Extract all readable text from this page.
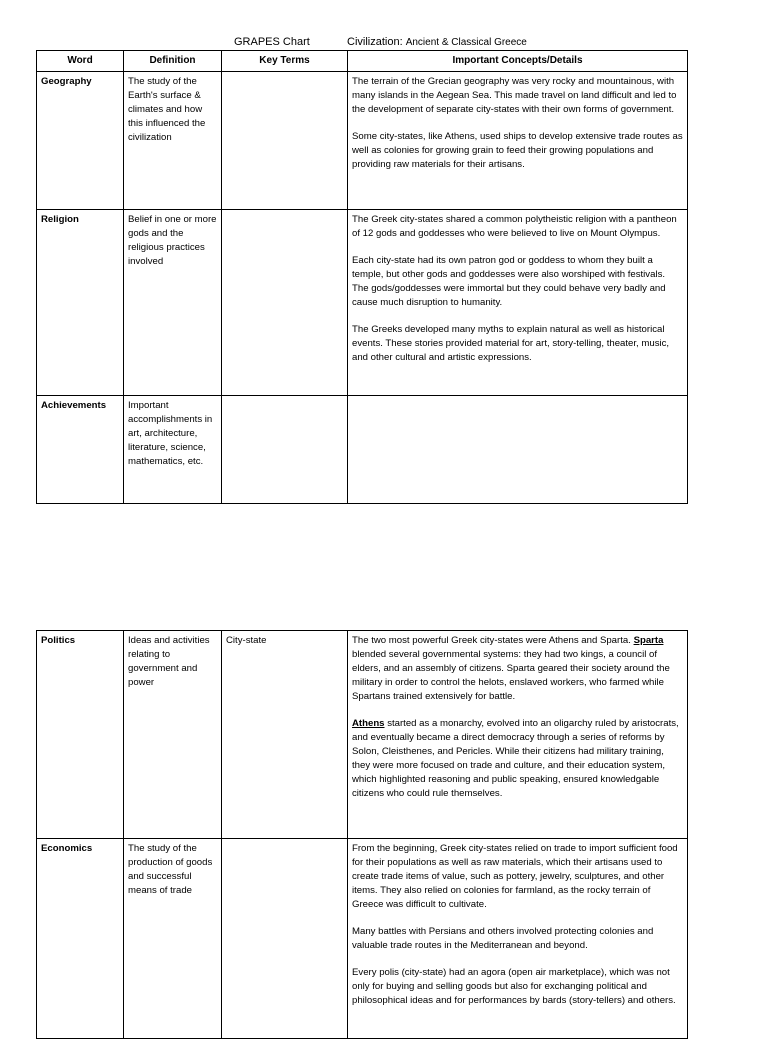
GRAPES Chart	Civilization: Ancient & Classical Greece
Word	Definition	Key Terms	Important Concepts/Details
Geography	The study of the Earth's surface & climates and how this influenced the civilization		The terrain of the Grecian geography was very rocky and mountainous, with many islands in the Aegean Sea. This made travel on land difficult and led to the development of separate city-states with their own forms of government.

Some city-states, like Athens, used ships to develop extensive trade routes as well as colonies for growing grain to feed their growing populations and providing raw materials for their artisans.

Religion	Belief in one or more gods and the religious practices involved		The Greek city-states shared a common polytheistic religion with a pantheon of 12 gods and goddesses who were believed to live on Mount Olympus.

Each city-state had its own patron god or goddess to whom they built a temple, but other gods and goddesses were also worshiped with festivals. The gods/goddesses were immortal but they could behave very badly and cause much disruption to humanity.

The Greeks developed many myths to explain natural as well as historical events. These stories provided material for art, story-telling, theater, music, and other cultural and artistic expressions.

Achievements	Important accomplishments in art, architecture, literature, science, mathematics, etc.		
Politics	Ideas and activities relating to government and power	City-state	The two most powerful Greek city-states were Athens and Sparta. Sparta blended several governmental systems: they had two kings, a council of elders, and an assembly of citizens. Sparta geared their society around the military in order to control the helots, enslaved workers, who farmed while Spartans trained extensively for battle.

Athens started as a monarchy, evolved into an oligarchy ruled by aristocrats, and eventually became a direct democracy through a series of reforms by Solon, Cleisthenes, and Pericles. While their citizens had military training, they were more focused on trade and culture, and their education system, which highlighted reasoning and public speaking, ensured knowledgable citizens who could rule themselves.

Economics	The study of the production of goods and successful means of trade		From the beginning, Greek city-states relied on trade to import sufficient food for their populations as well as raw materials, which their artisans used to create trade items of value, such as pottery, jewelry, sculptures, and other items. They also relied on colonies for farmland, as the rocky terrain of Greece was difficult to cultivate.

Many battles with Persians and others involved protecting colonies and valuable trade routes in the Mediterranean and beyond.

Every polis (city-state) had an agora (open air marketplace), which was not only for buying and selling goods but also for exchanging political and philosophical ideas and for performances by bards (story-tellers) and others.
